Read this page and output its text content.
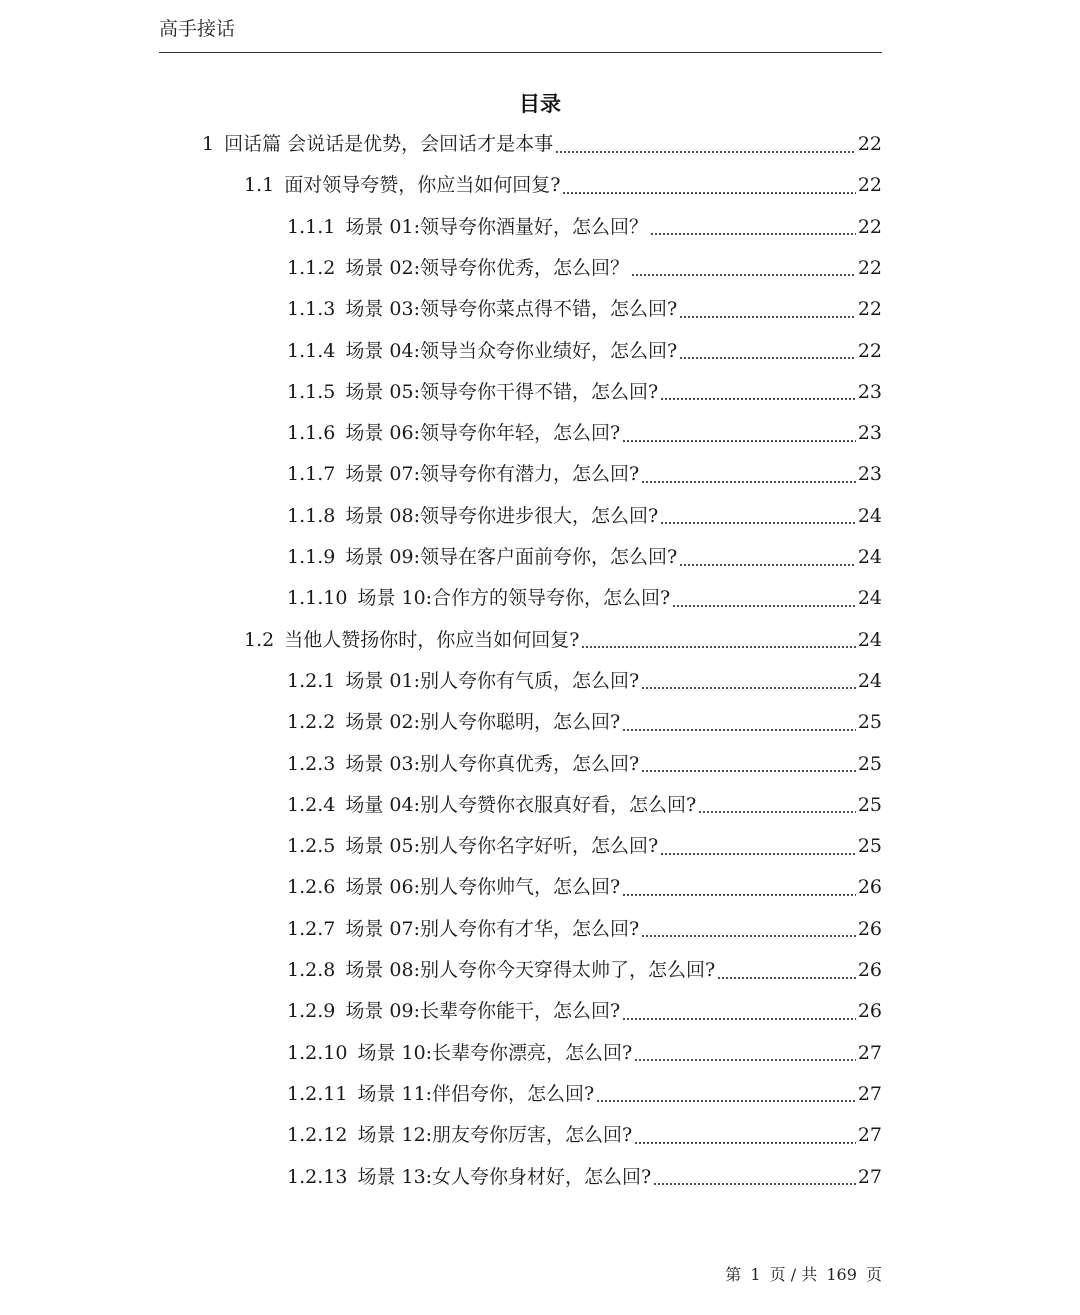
高手接话
目录
1 回话篇 会说话是优势，会回话才是本事	22
1.1 面对领导夸赞，你应当如何回复?	22
1.1.1 场景 01:领导夸你酒量好，怎么回？	22
1.1.2 场景 02:领导夸你优秀，怎么回？	22
1.1.3 场景 03:领导夸你菜点得不错，怎么回?	22
1.1.4 场景 04:领导当众夸你业绩好，怎么回?	22
1.1.5 场景 05:领导夸你干得不错，怎么回?	23
1.1.6 场景 06:领导夸你年轻，怎么回?	23
1.1.7 场景 07:领导夸你有潜力，怎么回?	23
1.1.8 场景 08:领导夸你进步很大，怎么回?	24
1.1.9 场景 09:领导在客户面前夸你，怎么回?	24
1.1.10 场景 10:合作方的领导夸你，怎么回?	24
1.2 当他人赞扬你时，你应当如何回复?	24
1.2.1 场景 01:别人夸你有气质，怎么回?	24
1.2.2 场景 02:别人夸你聪明，怎么回?	25
1.2.3 场景 03:别人夸你真优秀，怎么回?	25
1.2.4 场量 04:别人夸赞你衣服真好看，怎么回?	25
1.2.5 场景 05:别人夸你名字好听，怎么回?	25
1.2.6 场景 06:别人夸你帅气，怎么回?	26
1.2.7 场景 07:别人夸你有才华，怎么回?	26
1.2.8 场景 08:别人夸你今天穿得太帅了，怎么回?	26
1.2.9 场景 09:长辈夸你能干，怎么回?	26
1.2.10 场景 10:长辈夸你漂亮，怎么回?	27
1.2.11 场景 11:伴侣夸你，怎么回?	27
1.2.12 场景 12:朋友夸你厉害，怎么回?	27
1.2.13 场景 13:女人夸你身材好，怎么回?	27
第 1 页 / 共 169 页
